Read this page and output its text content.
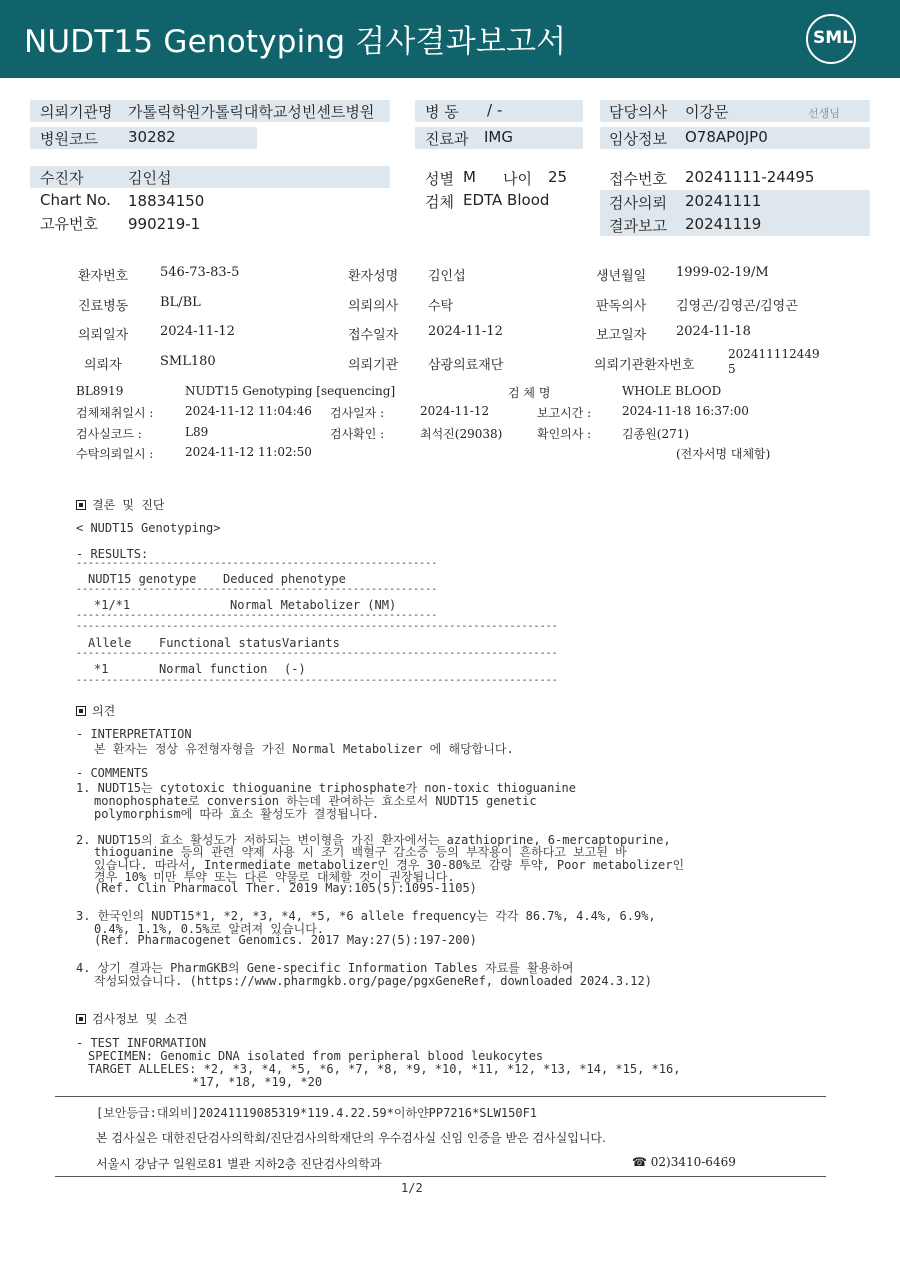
NUDT15 Genotyping 검사결과보고서	SML
의뢰기관명 가톨릭학원가톨릭대학교성빈센트병원
병원코드 30282
병 동 / -
진료과 IMG
담당의사 이강문	선생님
임상정보 O78AP0JP0
수진자	김인섭
Chart No. 18834150
고유번호 990219-1
성별 M 나이 25
검체 EDTA Blood
접수번호 20241111-24495
검사의뢰 20241111
결과보고 20241119
환자번호 546-73-83-5	환자성명 김인섭	생년월일 1999-02-19/M
진료병동 BL/BL	의뢰의사 수탁	판독의사 김영곤/김영곤/김영곤
의뢰일자 2024-11-12	접수일자 2024-11-12	보고일자 2024-11-18
의뢰자	SML180	의뢰기관 삼광의료재단	의뢰기관환자번호
202411112449
5
BL8919	NUDT15 Genotyping [sequencing]	검 체 명	WHOLE BLOOD
검체채취일시 :	2024-11-12 11:04:46 검사일자 :	2024-11-12	보고시간 :	2024-11-18 16:37:00
검사실코드 :	L89	검사확인 :	최석진(29038)	확인의사 :	김종원(271)
수탁의뢰일시 :	2024-11-12 11:02:50	(전자서명 대체함)
결론 및 진단
< NUDT15 Genotyping>
- RESULTS:
------------------------------------------------------------
NUDT15 genotype Deduced phenotype
------------------------------------------------------------
*1/*1	Normal Metabolizer (NM)
------------------------------------------------------------
--------------------------------------------------------------------------------
Allele Functional status Variants
--------------------------------------------------------------------------------
*1	Normal function (-)
--------------------------------------------------------------------------------
의견
- INTERPRETATION
본 환자는 정상 유전형자형을 가진 Normal Metabolizer 에 해당합니다.
- COMMENTS
1. NUDT15는 cytotoxic thioguanine triphosphate가 non-toxic thioguanine
monophosphate로 conversion 하는데 관여하는 효소로서 NUDT15 genetic
polymorphism에 따라 효소 활성도가 결정됩니다.
2. NUDT15의 효소 활성도가 저하되는 변이형을 가진 환자에서는 azathioprine, 6-mercaptopurine,
thioguanine 등의 관련 약제 사용 시 조기 백혈구 감소증 등의 부작용이 흔하다고 보고된 바
있습니다. 따라서, Intermediate metabolizer인 경우 30-80%로 감량 투약, Poor metabolizer인
경우 10% 미만 투약 또는 다른 약물로 대체할 것이 권장됩니다.
(Ref. Clin Pharmacol Ther. 2019 May:105(5):1095-1105)
3. 한국인의 NUDT15*1, *2, *3, *4, *5, *6 allele frequency는 각각 86.7%, 4.4%, 6.9%,
0.4%, 1.1%, 0.5%로 알려져 있습니다.
(Ref. Pharmacogenet Genomics. 2017 May:27(5):197-200)
4. 상기 결과는 PharmGKB의 Gene-specific Information Tables 자료를 활용하여
작성되었습니다. (https://www.pharmgkb.org/page/pgxGeneRef, downloaded 2024.3.12)
검사정보 및 소견
- TEST INFORMATION
SPECIMEN: Genomic DNA isolated from peripheral blood leukocytes
TARGET ALLELES: *2, *3, *4, *5, *6, *7, *8, *9, *10, *11, *12, *13, *14, *15, *16,
*17, *18, *19, *20
[보안등급:대외비]20241119085319*119.4.22.59*이하얀PP7216*SLW150F1
본 검사실은 대한진단검사의학회/진단검사의학재단의 우수검사실 신임 인증을 받은 검사실입니다.
서울시 강남구 일원로81 별관 지하2층 진단검사의학과	☎ 02)3410-6469
1/2
